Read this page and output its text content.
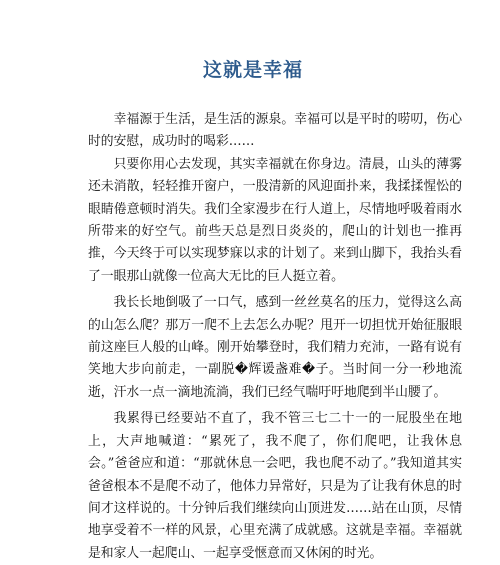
这就是幸福

幸福源于生活，是生活的源泉。幸福可以是平时的唠叨，伤心时的安慰，成功时的喝彩……

只要你用心去发现，其实幸福就在你身边。清晨，山头的薄雾还未消散，轻轻推开窗户，一股清新的风迎面扑来，我揉揉惺忪的眼睛倦意顿时消失。我们全家漫步在行人道上，尽情地呼吸着雨水所带来的好空气。前些天总是烈日炎炎的，爬山的计划也一推再推，今天终于可以实现梦寐以求的计划了。来到山脚下，我抬头看了一眼那山就像一位高大无比的巨人挺立着。

我长长地倒吸了一口气，感到一丝丝莫名的压力，觉得这么高的山怎么爬？那万一爬不上去怎么办呢？甩开一切担忧开始征服眼前这座巨人般的山峰。刚开始攀登时，我们精力充沛，一路有说有笑地大步向前走，一副脱�辉谖盏难�子。当时间一分一秒地流逝，汗水一点一滴地流淌，我们已经气喘吁吁地爬到半山腰了。

我累得已经要站不直了，我不管三七二十一的一屁股坐在地上，大声地喊道：“累死了，我不爬了，你们爬吧，让我休息会。”爸爸应和道：“那就休息一会吧，我也爬不动了。”我知道其实爸爸根本不是爬不动了，他体力异常好，只是为了让我有休息的时间才这样说的。十分钟后我们继续向山顶进发……站在山顶，尽情地享受着不一样的风景，心里充满了成就感。这就是幸福。幸福就是和家人一起爬山、一起享受惬意而又休闲的时光。
